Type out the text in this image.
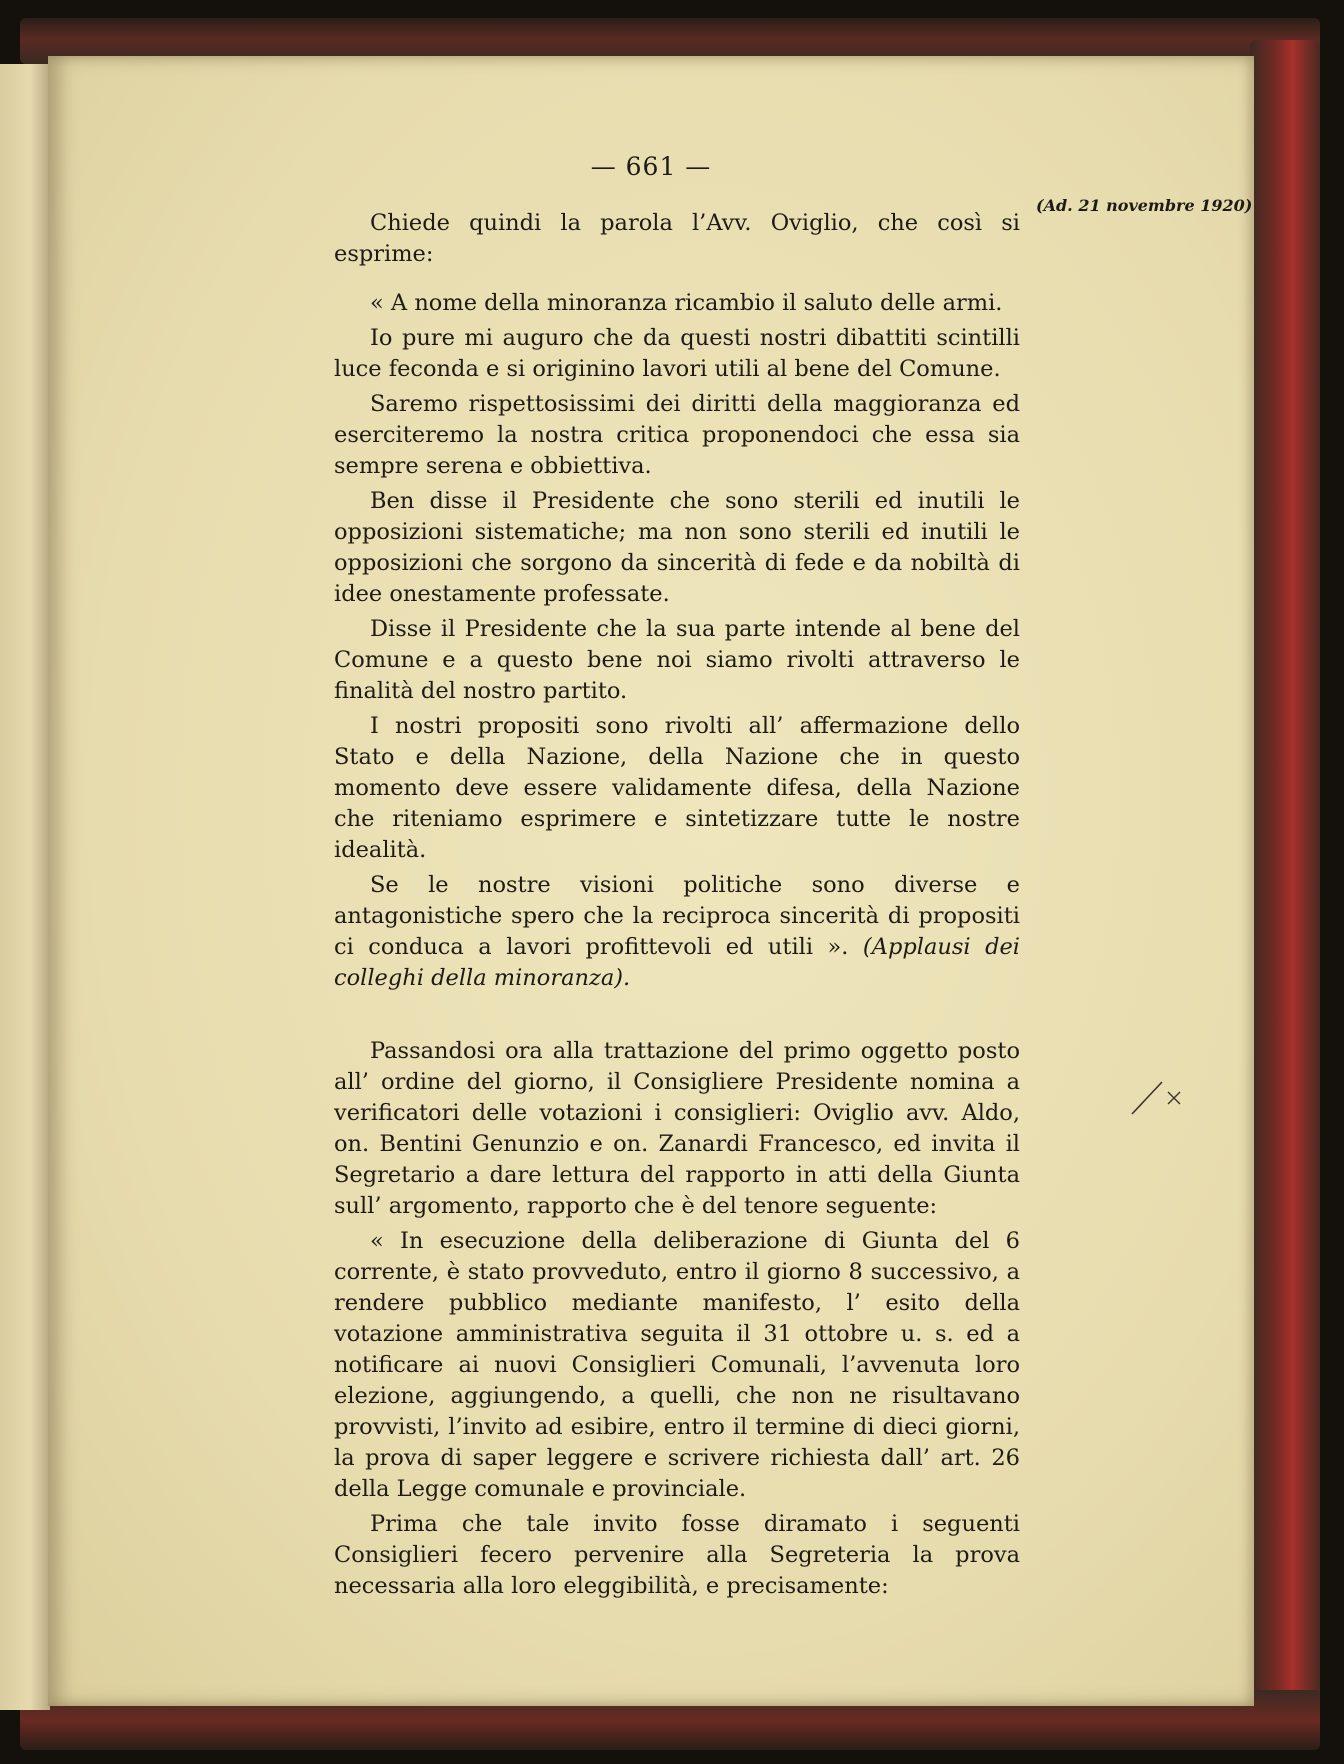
— 661 —
(Ad. 21 novembre 1920)

Chiede quindi la parola l’Avv. Oviglio, che così si esprime:

« A nome della minoranza ricambio il saluto delle armi.

Io pure mi auguro che da questi nostri dibattiti scintilli luce feconda e si originino lavori utili al bene del Comune.

Saremo rispettosissimi dei diritti della maggioranza ed eserciteremo la nostra critica proponendoci che essa sia sempre serena e obbiettiva.

Ben disse il Presidente che sono sterili ed inutili le opposizioni sistematiche; ma non sono sterili ed inutili le opposizioni che sorgono da sincerità di fede e da nobiltà di idee onestamente professate.

Disse il Presidente che la sua parte intende al bene del Comune e a questo bene noi siamo rivolti attraverso le finalità del nostro partito.

I nostri propositi sono rivolti all’ affermazione dello Stato e della Nazione, della Nazione che in questo momento deve essere validamente difesa, della Nazione che riteniamo esprimere e sintetizzare tutte le nostre idealità.

Se le nostre visioni politiche sono diverse e antagonistiche spero che la reciproca sincerità di propositi ci conduca a lavori profittevoli ed utili ». (Applausi dei colleghi della minoranza).

Passandosi ora alla trattazione del primo oggetto posto all’ ordine del giorno, il Consigliere Presidente nomina a verificatori delle votazioni i consiglieri: Oviglio avv. Aldo, on. Bentini Genunzio e on. Zanardi Francesco, ed invita il Segretario a dare lettura del rapporto in atti della Giunta sull’ argomento, rapporto che è del tenore seguente:

« In esecuzione della deliberazione di Giunta del 6 corrente, è stato provveduto, entro il giorno 8 successivo, a rendere pubblico mediante manifesto, l’ esito della votazione amministrativa seguita il 31 ottobre u. s. ed a notificare ai nuovi Consiglieri Comunali, l’avvenuta loro elezione, aggiungendo, a quelli, che non ne risultavano provvisti, l’invito ad esibire, entro il termine di dieci giorni, la prova di saper leggere e scrivere richiesta dall’ art. 26 della Legge comunale e provinciale.

Prima che tale invito fosse diramato i seguenti Consiglieri fecero pervenire alla Segreteria la prova necessaria alla loro eleggibilità, e precisamente:
